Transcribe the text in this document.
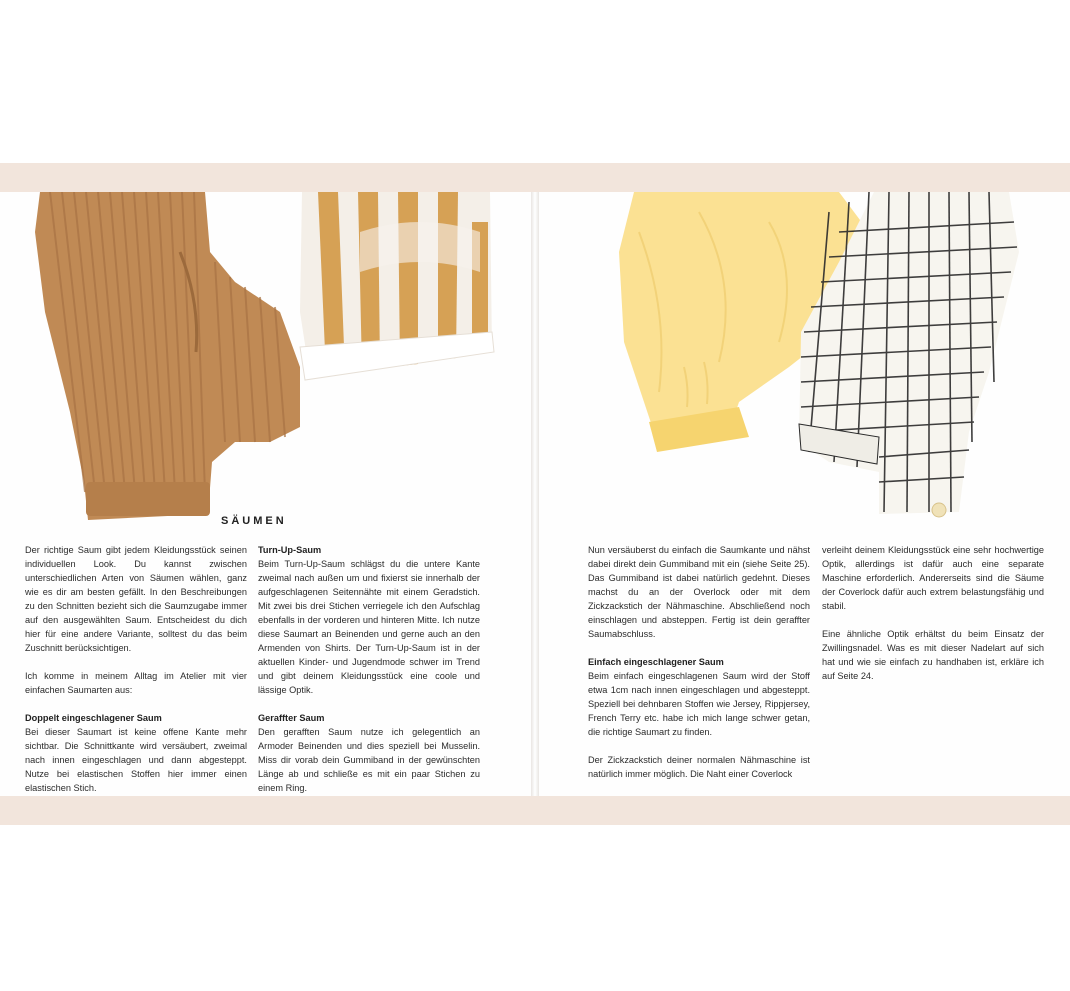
SÄUMEN

Der richtige Saum gibt jedem Kleidungsstück seinen individuellen Look. Du kannst zwischen unterschiedlichen Arten von Säumen wählen, ganz wie es dir am besten gefällt. In den Beschreibungen zu den Schnitten bezieht sich die Saumzugabe immer auf den ausgewählten Saum. Entscheidest du dich hier für eine andere Variante, solltest du das beim Zuschnitt berücksichtigen.

Ich komme in meinem Alltag im Atelier mit vier einfachen Saumarten aus:

Doppelt eingeschlagener Saum

Bei dieser Saumart ist keine offene Kante mehr sichtbar. Die Schnittkante wird versäubert, zweimal nach innen eingeschlagen und dann abgesteppt. Nutze bei elastischen Stoffen hier immer einen elastischen Stich.

Turn-Up-Saum

Beim Turn-Up-Saum schlägst du die untere Kante zweimal nach außen um und fixierst sie innerhalb der aufgeschlagenen Seitennähte mit einem Geradstich. Mit zwei bis drei Stichen verriegele ich den Aufschlag ebenfalls in der vorderen und hinteren Mitte. Ich nutze diese Saumart an Beinenden und gerne auch an den Armenden von Shirts. Der Turn-Up-Saum ist in der aktuellen Kinder- und Jugendmode schwer im Trend und gibt deinem Kleidungsstück eine coole und lässige Optik.

Geraffter Saum

Den gerafften Saum nutze ich gelegentlich an Armoder Beinenden und dies speziell bei Musselin. Miss dir vorab dein Gummiband in der gewünschten Länge ab und schließe es mit ein paar Stichen zu einem Ring.

Nun versäuberst du einfach die Saumkante und nähst dabei direkt dein Gummiband mit ein (siehe Seite 25). Das Gummiband ist dabei natürlich gedehnt. Dieses machst du an der Overlock oder mit dem Zickzackstich der Nähmaschine. Abschließend noch einschlagen und absteppen. Fertig ist dein geraffter Saumabschluss.

Einfach eingeschlagener Saum

Beim einfach eingeschlagenen Saum wird der Stoff etwa 1cm nach innen eingeschlagen und abgesteppt. Speziell bei dehnbaren Stoffen wie Jersey, Rippjersey, French Terry etc. habe ich mich lange schwer getan, die richtige Saumart zu finden.

Der Zickzackstich deiner normalen Nähmaschine ist natürlich immer möglich. Die Naht einer Coverlock

verleiht deinem Kleidungsstück eine sehr hochwertige Optik, allerdings ist dafür auch eine separate Maschine erforderlich. Andererseits sind die Säume der Coverlock dafür auch extrem belastungsfähig und stabil.

Eine ähnliche Optik erhältst du beim Einsatz der Zwillingsnadel. Was es mit dieser Nadelart auf sich hat und wie sie einfach zu handhaben ist, erkläre ich auf Seite 24.
